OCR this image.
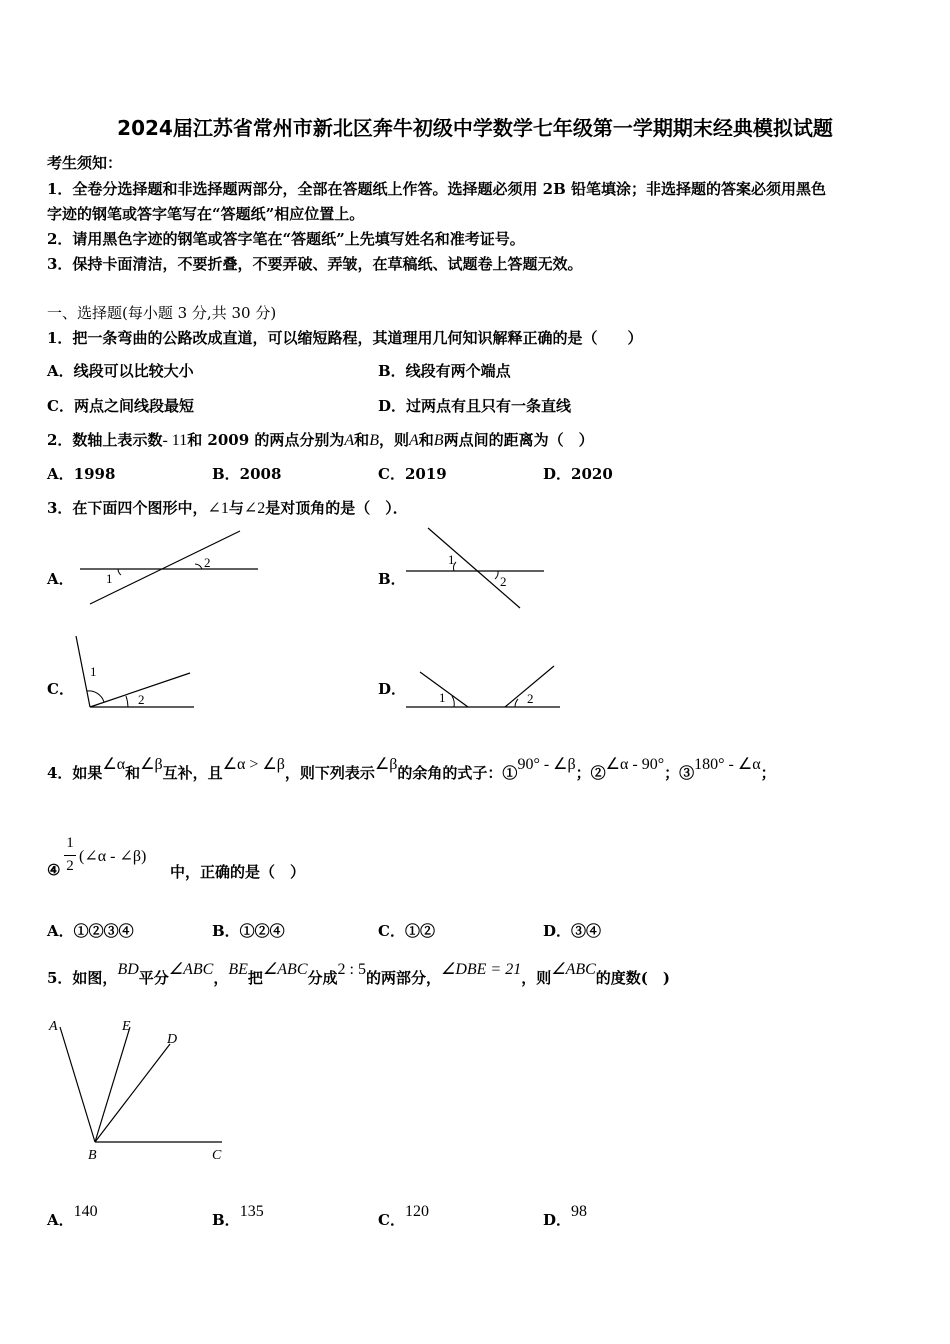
2024届江苏省常州市新北区奔牛初级中学数学七年级第一学期期末经典模拟试题
考生须知：
1．全卷分选择题和非选择题两部分，全部在答题纸上作答。选择题必须用 2B 铅笔填涂；非选择题的答案必须用黑色
字迹的钢笔或答字笔写在“答题纸”相应位置上。
2．请用黑色字迹的钢笔或答字笔在“答题纸”上先填写姓名和准考证号。
3．保持卡面清洁，不要折叠，不要弄破、弄皱，在草稿纸、试题卷上答题无效。
一、选择题(每小题 3 分,共 30 分)
1．把一条弯曲的公路改成直道，可以缩短路程，其道理用几何知识解释正确的是（　　）
A．线段可以比较大小	B．线段有两个端点
C．两点之间线段最短	D．过两点有且只有一条直线
2．数轴上表示数- 11和 2009 的两点分别为A和B，则A和B两点间的距离为（　）
A．1998	B．2008	C．2019	D．2020
3．在下面四个图形中，∠1与∠2是对顶角的是（　）．
A． 1
2
B．
1
2
C．
1
2
D．	1	2
4．如果∠α和∠β互补，且∠α > ∠β，则下列表示∠β的余角的式子：①90° - ∠β；②∠α - 90°；③180° - ∠α；
④
1
2
(∠α - ∠β)
中，正确的是（　）
A．①②③④	B．①②④	C．①②	D．③④
5．如图，BD平分∠ABC，BE把∠ABC分成2 : 5的两部分，∠DBE = 21，则∠ABC的度数(　)
A	E
D
B	C
A．140	B．135	C．120	D．98
